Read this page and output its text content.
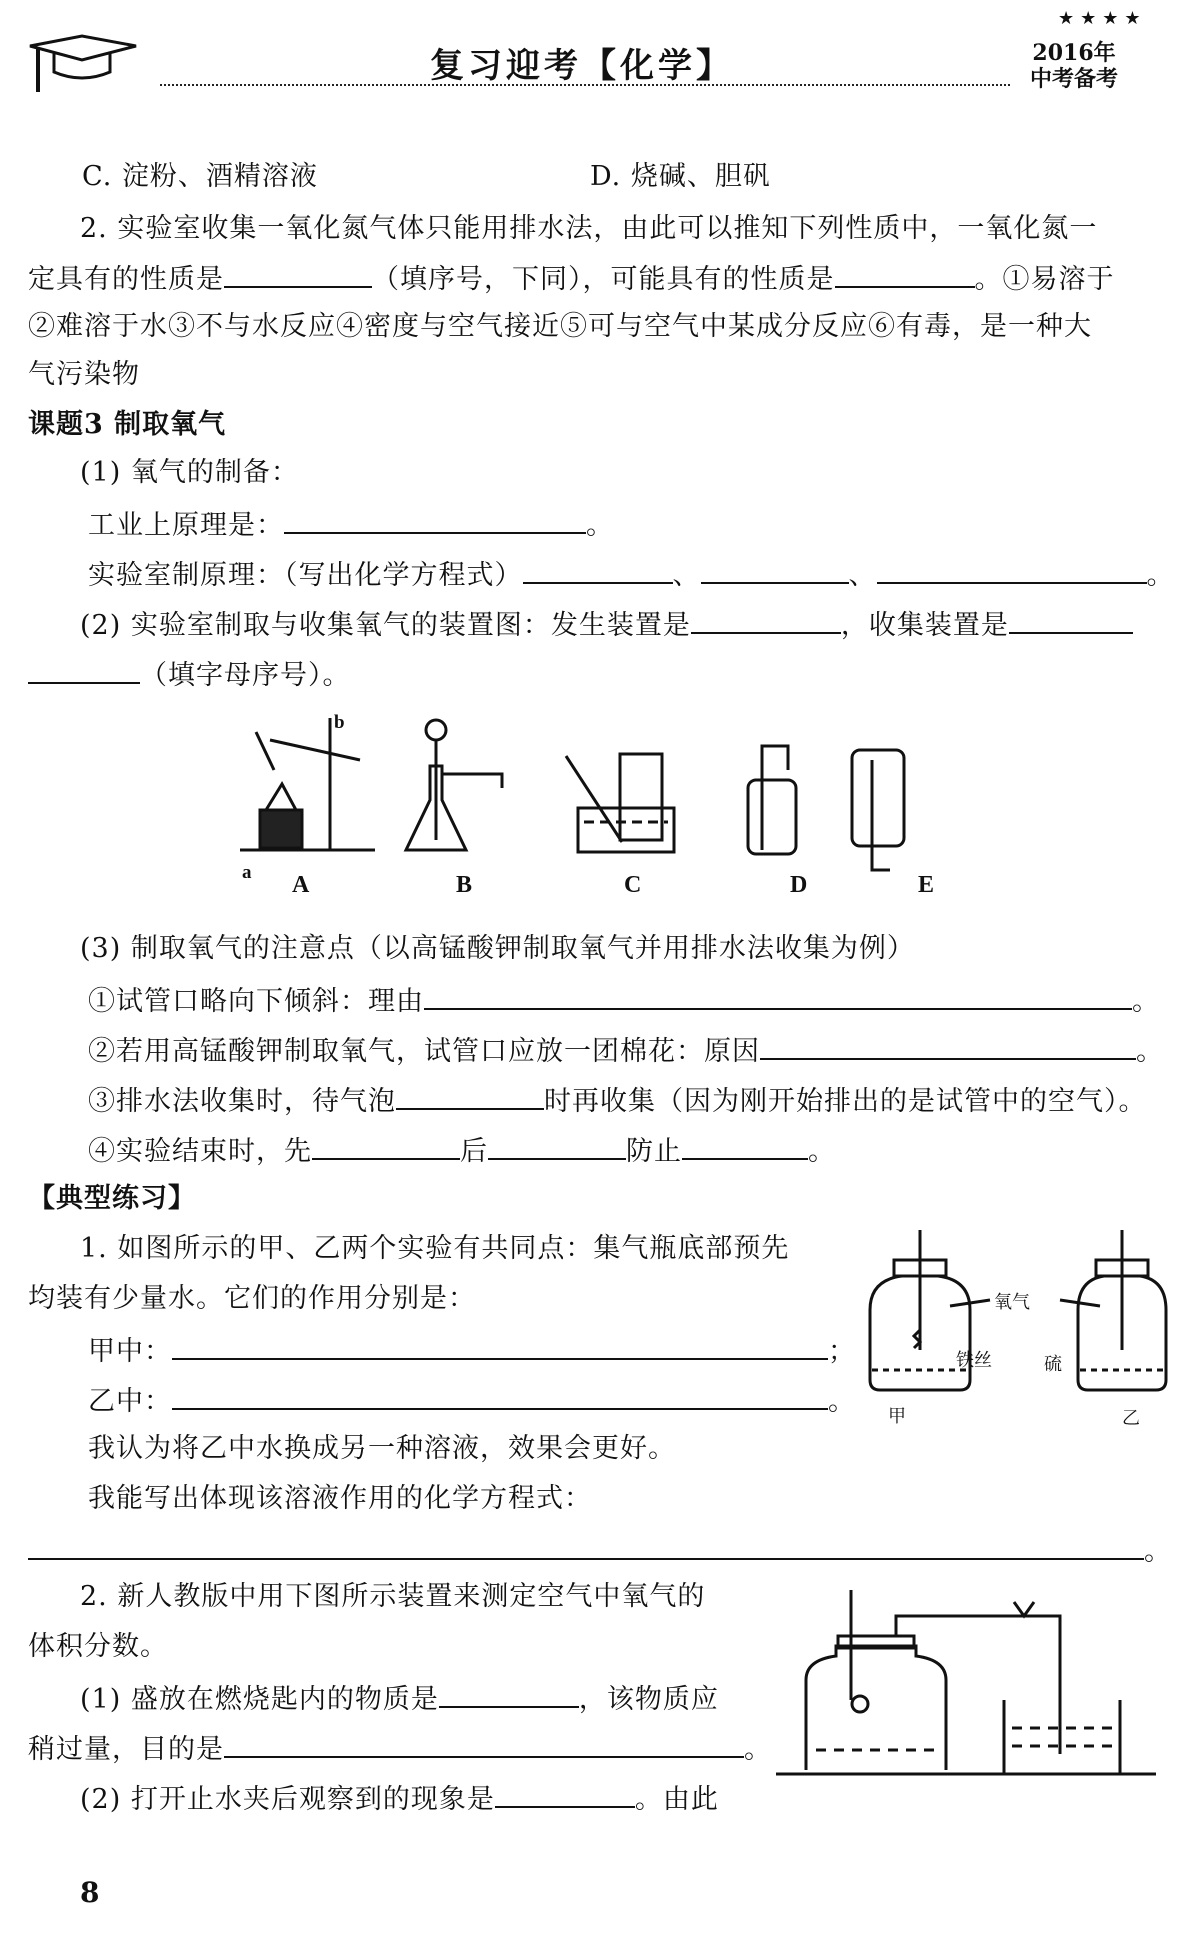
复习迎考【化学】
★★★★
2016年
中考备考
C. 淀粉、酒精溶液	D. 烧碱、胆矾
2. 实验室收集一氧化氮气体只能用排水法，由此可以推知下列性质中，一氧化氮一
定具有的性质是	（填序号，下同），可能具有的性质是	。①易溶于
②难溶于水③不与水反应④密度与空气接近⑤可与空气中某成分反应⑥有毒，是一种大
气污染物
课题3 制取氧气
(1) 氧气的制备：
工业上原理是：	。
实验室制原理：（写出化学方程式）	、	、	。
(2) 实验室制取与收集氧气的装置图：发生装置是	，收集装置是
（填字母序号）。
a
b
A	B	C	D	E
(3) 制取氧气的注意点（以高锰酸钾制取氧气并用排水法收集为例）
①试管口略向下倾斜：理由	。
②若用高锰酸钾制取氧气，试管口应放一团棉花：原因	。
③排水法收集时，待气泡	时再收集（因为刚开始排出的是试管中的空气）。
④实验结束时，先	后	防止	。
【典型练习】
1. 如图所示的甲、乙两个实验有共同点：集气瓶底部预先
均装有少量水。它们的作用分别是：
甲中：	；
乙中：	。
我认为将乙中水换成另一种溶液，效果会更好。
我能写出体现该溶液作用的化学方程式：
。
氧气
铁丝	硫
甲	乙
2. 新人教版中用下图所示装置来测定空气中氧气的
体积分数。
(1) 盛放在燃烧匙内的物质是	，该物质应
稍过量，目的是	。
(2) 打开止水夹后观察到的现象是	。由此
8
